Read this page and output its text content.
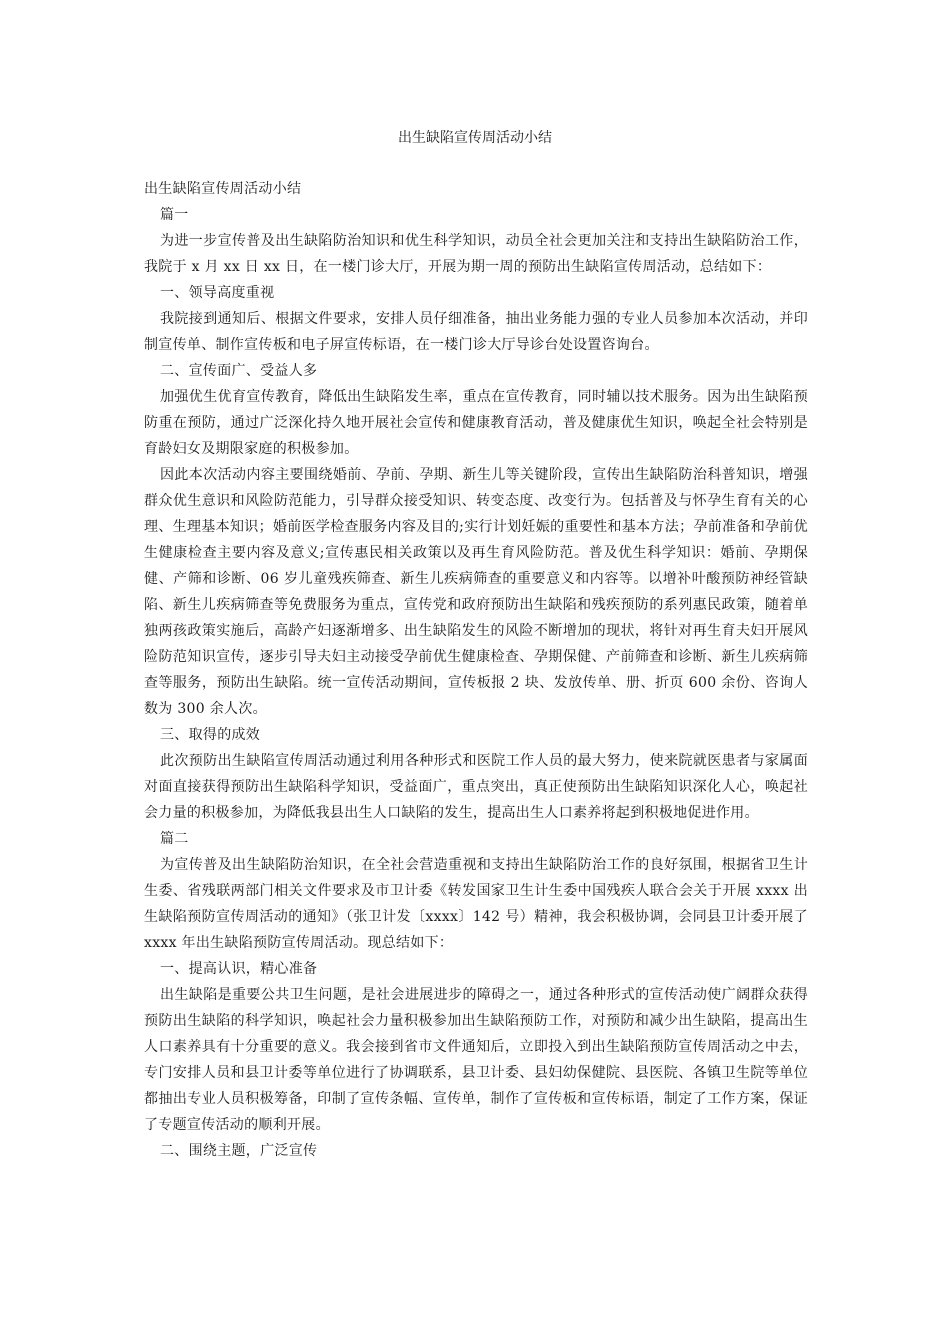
出生缺陷宣传周活动小结

出生缺陷宣传周活动小结

篇一

为进一步宣传普及出生缺陷防治知识和优生科学知识，动员全社会更加关注和支持出生缺陷防治工作，我院于 x 月 xx 日 xx 日，在一楼门诊大厅，开展为期一周的预防出生缺陷宣传周活动，总结如下：

一、领导高度重视

我院接到通知后、根据文件要求，安排人员仔细准备，抽出业务能力强的专业人员参加本次活动，并印制宣传单、制作宣传板和电子屏宣传标语，在一楼门诊大厅导诊台处设置咨询台。

二、宣传面广、受益人多

加强优生优育宣传教育，降低出生缺陷发生率，重点在宣传教育，同时辅以技术服务。因为出生缺陷预防重在预防，通过广泛深化持久地开展社会宣传和健康教育活动，普及健康优生知识，唤起全社会特别是育龄妇女及期限家庭的积极参加。

因此本次活动内容主要围绕婚前、孕前、孕期、新生儿等关键阶段，宣传出生缺陷防治科普知识，增强群众优生意识和风险防范能力，引导群众接受知识、转变态度、改变行为。包括普及与怀孕生育有关的心理、生理基本知识；婚前医学检查服务内容及目的;实行计划妊娠的重要性和基本方法；孕前准备和孕前优生健康检查主要内容及意义;宣传惠民相关政策以及再生育风险防范。普及优生科学知识：婚前、孕期保健、产筛和诊断、06 岁儿童残疾筛查、新生儿疾病筛查的重要意义和内容等。以增补叶酸预防神经管缺陷、新生儿疾病筛查等免费服务为重点，宣传党和政府预防出生缺陷和残疾预防的系列惠民政策，随着单独两孩政策实施后，高龄产妇逐渐增多、出生缺陷发生的风险不断增加的现状，将针对再生育夫妇开展风险防范知识宣传，逐步引导夫妇主动接受孕前优生健康检查、孕期保健、产前筛查和诊断、新生儿疾病筛查等服务，预防出生缺陷。统一宣传活动期间，宣传板报 2 块、发放传单、册、折页 600 余份、咨询人数为 300 余人次。

三、取得的成效

此次预防出生缺陷宣传周活动通过利用各种形式和医院工作人员的最大努力，使来院就医患者与家属面对面直接获得预防出生缺陷科学知识，受益面广，重点突出，真正使预防出生缺陷知识深化人心，唤起社会力量的积极参加，为降低我县出生人口缺陷的发生，提高出生人口素养将起到积极地促进作用。

篇二

为宣传普及出生缺陷防治知识，在全社会营造重视和支持出生缺陷防治工作的良好氛围，根据省卫生计生委、省残联两部门相关文件要求及市卫计委《转发国家卫生计生委中国残疾人联合会关于开展 xxxx 出生缺陷预防宣传周活动的通知》（张卫计发〔xxxx〕142 号）精神，我会积极协调，会同县卫计委开展了 xxxx 年出生缺陷预防宣传周活动。现总结如下：

一、提高认识，精心准备

出生缺陷是重要公共卫生问题，是社会进展进步的障碍之一，通过各种形式的宣传活动使广阔群众获得预防出生缺陷的科学知识，唤起社会力量积极参加出生缺陷预防工作，对预防和减少出生缺陷，提高出生人口素养具有十分重要的意义。我会接到省市文件通知后，立即投入到出生缺陷预防宣传周活动之中去，专门安排人员和县卫计委等单位进行了协调联系，县卫计委、县妇幼保健院、县医院、各镇卫生院等单位都抽出专业人员积极筹备，印制了宣传条幅、宣传单，制作了宣传板和宣传标语，制定了工作方案，保证了专题宣传活动的顺利开展。

二、围绕主题，广泛宣传
